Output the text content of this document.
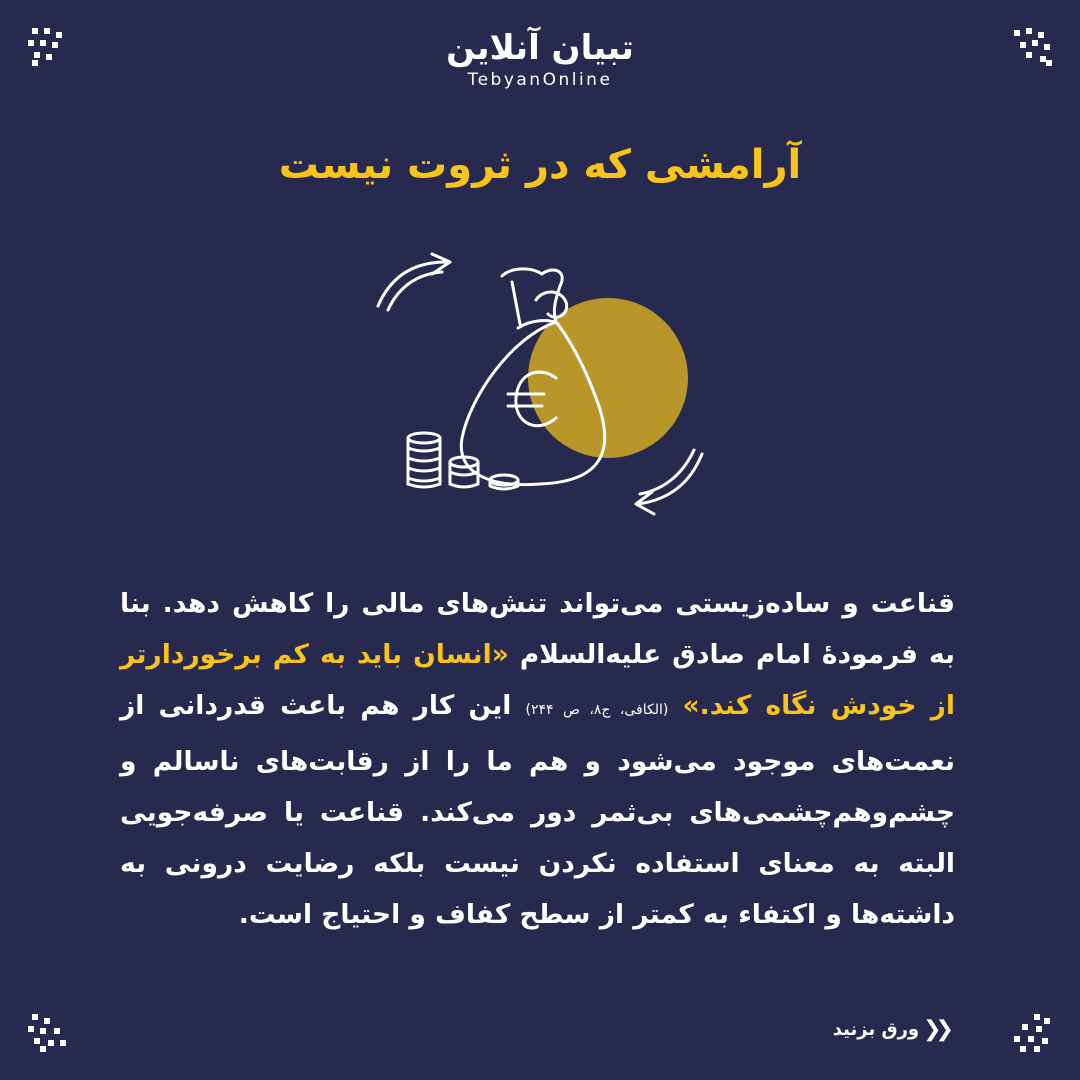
تبیان آنلاین
TebyanOnline
آرامشی که در ثروت نیست
قناعت و ساده‌زیستی می‌تواند تنش‌های مالی را کاهش دهد. بنا به فرمودهٔ امام صادق علیه‌السلام «انسان باید به کم برخوردارتر از خودش نگاه کند.» (الکافی، ج۸، ص ۲۴۴) این کار هم باعث قدردانی از نعمت‌های موجود می‌شود و هم ما را از رقابت‌های ناسالم و چشم‌وهم‌چشمی‌های بی‌ثمر دور می‌کند. قناعت یا صرفه‌جویی البته به معنای استفاده نکردن نیست بلکه رضایت درونی به داشته‌ها و اکتفاء به کمتر از سطح کفاف و احتیاج است.
❮❮
ورق بزنید
